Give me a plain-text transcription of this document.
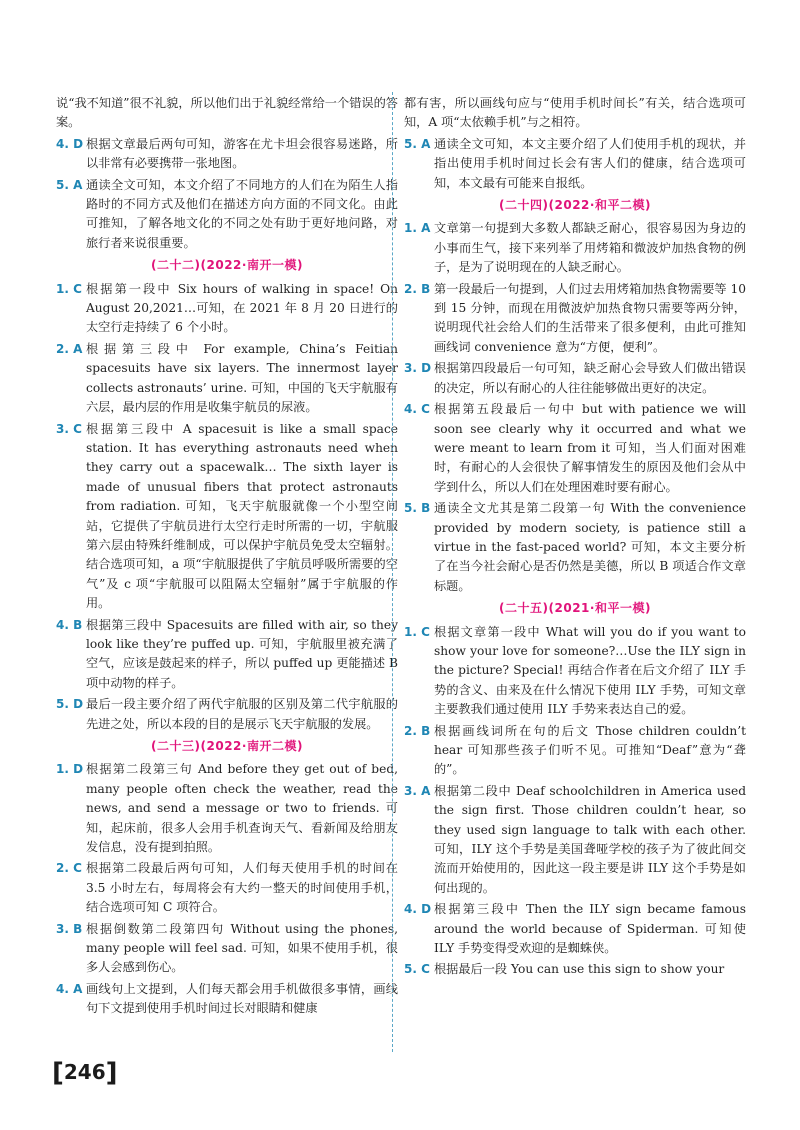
说“我不知道”很不礼貌，所以他们出于礼貌经常给一个错误的答案。
4. D 根据文章最后两句可知，游客在尤卡坦会很容易迷路，所以非常有必要携带一张地图。
5. A 通读全文可知，本文介绍了不同地方的人们在为陌生人指路时的不同方式及他们在描述方向方面的不同文化。由此可推知，了解各地文化的不同之处有助于更好地问路，对旅行者来说很重要。
(二十二)(2022·南开一模)
1. C 根据第一段中 Six hours of walking in space! On August 20,2021…可知，在 2021 年 8 月 20 日进行的太空行走持续了 6 个小时。
2. A 根据第三段中 For example, China’s Feitian spacesuits have six layers. The innermost layer collects astronauts’ urine. 可知，中国的飞天宇航服有六层，最内层的作用是收集宇航员的尿液。
3. C 根据第三段中 A spacesuit is like a small space station. It has everything astronauts need when they carry out a spacewalk… The sixth layer is made of unusual fibers that protect astronauts from radiation. 可知，飞天宇航服就像一个小型空间站，它提供了宇航员进行太空行走时所需的一切，宇航服第六层由特殊纤维制成，可以保护宇航员免受太空辐射。结合选项可知，a 项“宇航服提供了宇航员呼吸所需要的空气”及 c 项“宇航服可以阻隔太空辐射”属于宇航服的作用。
4. B 根据第三段中 Spacesuits are filled with air, so they look like they’re puffed up. 可知，宇航服里被充满了空气，应该是鼓起来的样子，所以 puffed up 更能描述 B 项中动物的样子。
5. D 最后一段主要介绍了两代宇航服的区别及第二代宇航服的先进之处，所以本段的目的是展示飞天宇航服的发展。
(二十三)(2022·南开二模)
1. D 根据第二段第三句 And before they get out of bed, many people often check the weather, read the news, and send a message or two to friends. 可知，起床前，很多人会用手机查询天气、看新闻及给朋友发信息，没有提到拍照。
2. C 根据第二段最后两句可知，人们每天使用手机的时间在 3.5 小时左右，每周将会有大约一整天的时间使用手机，结合选项可知 C 项符合。
3. B 根据倒数第二段第四句 Without using the phones, many people will feel sad. 可知，如果不使用手机，很多人会感到伤心。
4. A 画线句上文提到，人们每天都会用手机做很多事情，画线句下文提到使用手机时间过长对眼睛和健康
都有害，所以画线句应与“使用手机时间长”有关，结合选项可知，A 项“太依赖手机”与之相符。
5. A 通读全文可知，本文主要介绍了人们使用手机的现状，并指出使用手机时间过长会有害人们的健康，结合选项可知，本文最有可能来自报纸。
(二十四)(2022·和平二模)
1. A 文章第一句提到大多数人都缺乏耐心，很容易因为身边的小事而生气，接下来列举了用烤箱和微波炉加热食物的例子，是为了说明现在的人缺乏耐心。
2. B 第一段最后一句提到，人们过去用烤箱加热食物需要等 10 到 15 分钟，而现在用微波炉加热食物只需要等两分钟，说明现代社会给人们的生活带来了很多便利，由此可推知画线词 convenience 意为“方便，便利”。
3. D 根据第四段最后一句可知，缺乏耐心会导致人们做出错误的决定，所以有耐心的人往往能够做出更好的决定。
4. C 根据第五段最后一句中 but with patience we will soon see clearly why it occurred and what we were meant to learn from it 可知，当人们面对困难时，有耐心的人会很快了解事情发生的原因及他们会从中学到什么，所以人们在处理困难时要有耐心。
5. B 通读全文尤其是第二段第一句 With the convenience provided by modern society, is patience still a virtue in the fast-paced world? 可知，本文主要分析了在当今社会耐心是否仍然是美德，所以 B 项适合作文章标题。
(二十五)(2021·和平一模)
1. C 根据文章第一段中 What will you do if you want to show your love for someone?…Use the ILY sign in the picture? Special! 再结合作者在后文介绍了 ILY 手势的含义、由来及在什么情况下使用 ILY 手势，可知文章主要教我们通过使用 ILY 手势来表达自己的爱。
2. B 根据画线词所在句的后文 Those children couldn’t hear 可知那些孩子们听不见。可推知“Deaf”意为“聋的”。
3. A 根据第二段中 Deaf schoolchildren in America used the sign first. Those children couldn’t hear, so they used sign language to talk with each other. 可知，ILY 这个手势是美国聋哑学校的孩子为了彼此间交流而开始使用的，因此这一段主要是讲 ILY 这个手势是如何出现的。
4. D 根据第三段中 Then the ILY sign became famous around the world because of Spiderman. 可知使 ILY 手势变得受欢迎的是蜘蛛侠。
5. C 根据最后一段 You can use this sign to show your
[246]
